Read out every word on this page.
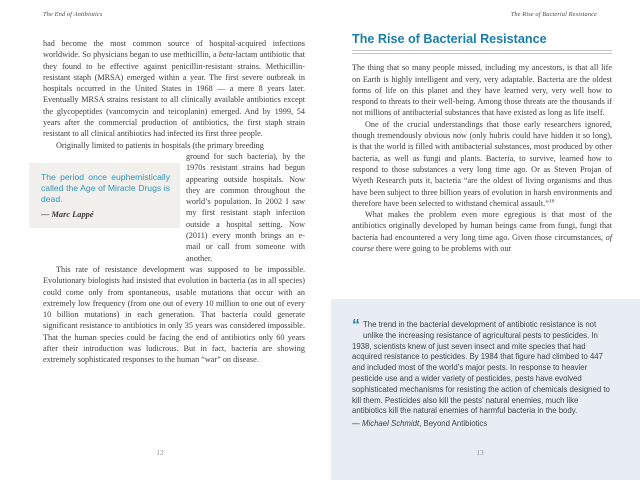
The End of Antibiotics

had become the most common source of hospital-acquired infections worldwide. So physicians began to use methicillin, a beta-lactam antibiotic that they found to be effective against penicillin-resistant strains. Methicillin-resistant staph (MRSA) emerged within a year. The first severe outbreak in hospitals occurred in the United States in 1968 — a mere 8 years later. Eventually MRSA strains resistant to all clinically available antibiotics except the glycopeptides (vancomycin and teicoplanin) emerged. And by 1999, 54 years after the commercial production of antibiotics, the first staph strain resistant to all clinical antibiotics had infected its first three people.

Originally limited to patients in hospitals (the primary breeding

The period once euphemistically called the Age of Miracle Drugs is dead.
— Marc Lappé
ground for such bacteria), by the 1970s resistant strains had begun appearing outside hospitals. Now they are common throughout the world’s population. In 2002 I saw my first resistant staph infection outside a hospital setting. Now (2011) every month brings an e-mail or call from someone with another.

This rate of resistance development was supposed to be impossible. Evolutionary biologists had insisted that evolution in bacteria (as in all species) could come only from spontaneous, usable mutations that occur with an extremely low frequency (from one out of every 10 million to one out of every 10 billion mutations) in each generation. That bacteria could generate significant resistance to antibiotics in only 35 years was considered impossible. That the human species could be facing the end of antibiotics only 60 years after their introduction was ludicrous. But in fact, bacteria are showing extremely sophisticated responses to the human “war” on disease.

12
The Rise of Bacterial Resistance
The Rise of Bacterial Resistance

The thing that so many people missed, including my ancestors, is that all life on Earth is highly intelligent and very, very adaptable. Bacteria are the oldest forms of life on this planet and they have learned very, very well how to respond to threats to their well-being. Among those threats are the thousands if not millions of antibacterial substances that have existed as long as life itself.

One of the crucial understandings that those early researchers ignored, though tremendously obvious now (only hubris could have hidden it so long), is that the world is filled with antibacterial substances, most produced by other bacteria, as well as fungi and plants. Bacteria, to survive, learned how to respond to those substances a very long time ago. Or as Steven Projan of Wyeth Research puts it, bacteria “are the oldest of living organisms and thus have been subject to three billion years of evolution in harsh environments and therefore have been selected to withstand chemical assault.”$^{16}$

What makes the problem even more egregious is that most of the antibiotics originally developed by human beings came from fungi, fungi that bacteria had encountered a very long time ago. Given those circumstances, of course there were going to be problems with our

“ The trend in the bacterial development of antibiotic resistance is not unlike the increasing resistance of agricultural pests to pesticides. In 1938, scientists knew of just seven insect and mite species that had acquired resistance to pesticides. By 1984 that figure had climbed to 447 and included most of the world’s major pests. In response to heavier pesticide use and a wider variety of pesticides, pests have evolved sophisticated mechanisms for resisting the action of chemicals designed to kill them. Pesticides also kill the pests’ natural enemies, much like antibiotics kill the natural enemies of harmful bacteria in the body.
— Michael Schmidt, Beyond Antibiotics
13
